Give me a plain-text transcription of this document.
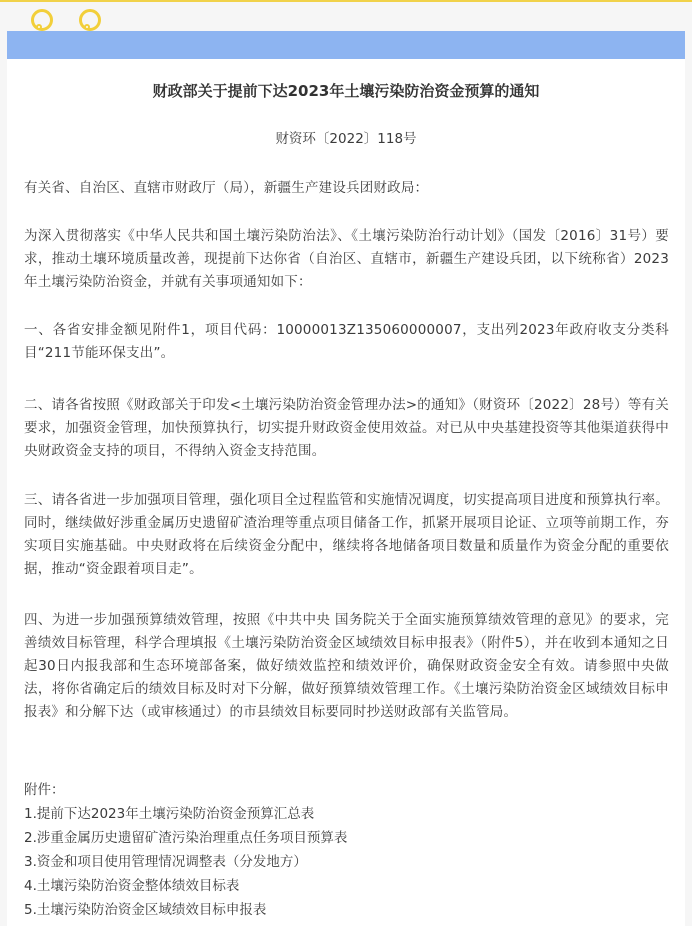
财政部关于提前下达2023年土壤污染防治资金预算的通知

财资环〔2022〕118号

有关省、自治区、直辖市财政厅（局），新疆生产建设兵团财政局：

为深入贯彻落实《中华人民共和国土壤污染防治法》、《土壤污染防治行动计划》（国发〔2016〕31号）要求，推动土壤环境质量改善，现提前下达你省（自治区、直辖市，新疆生产建设兵团，以下统称省）2023年土壤污染防治资金，并就有关事项通知如下：

一、各省安排金额见附件1，项目代码：10000013Z135060000007，支出列2023年政府收支分类科目“211节能环保支出”。

二、请各省按照《财政部关于印发<土壤污染防治资金管理办法>的通知》（财资环〔2022〕28号）等有关要求，加强资金管理，加快预算执行，切实提升财政资金使用效益。对已从中央基建投资等其他渠道获得中央财政资金支持的项目，不得纳入资金支持范围。

三、请各省进一步加强项目管理，强化项目全过程监管和实施情况调度，切实提高项目进度和预算执行率。同时，继续做好涉重金属历史遗留矿渣治理等重点项目储备工作，抓紧开展项目论证、立项等前期工作，夯实项目实施基础。中央财政将在后续资金分配中，继续将各地储备项目数量和质量作为资金分配的重要依据，推动“资金跟着项目走”。

四、为进一步加强预算绩效管理，按照《中共中央 国务院关于全面实施预算绩效管理的意见》的要求，完善绩效目标管理，科学合理填报《土壤污染防治资金区域绩效目标申报表》（附件5），并在收到本通知之日起30日内报我部和生态环境部备案，做好绩效监控和绩效评价，确保财政资金安全有效。请参照中央做法，将你省确定后的绩效目标及时对下分解，做好预算绩效管理工作。《土壤污染防治资金区域绩效目标申报表》和分解下达（或审核通过）的市县绩效目标要同时抄送财政部有关监管局。

附件：
1.提前下达2023年土壤污染防治资金预算汇总表
2.涉重金属历史遗留矿渣污染治理重点任务项目预算表
3.资金和项目使用管理情况调整表（分发地方）
4.土壤污染防治资金整体绩效目标表
5.土壤污染防治资金区域绩效目标申报表
